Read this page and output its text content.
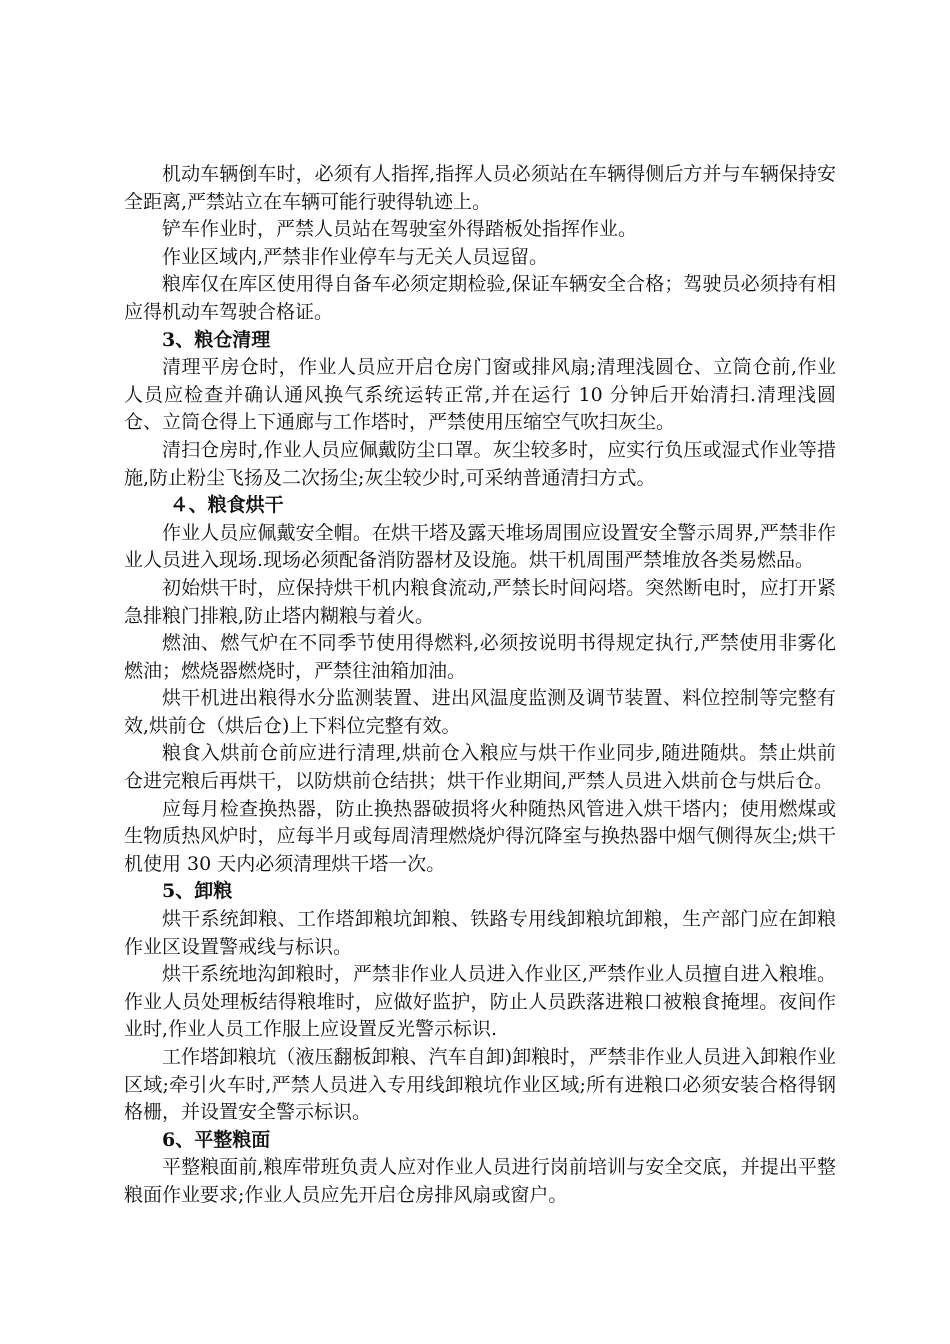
机动车辆倒车时，必须有人指挥,指挥人员必须站在车辆得侧后方并与车辆保持安全距离,严禁站立在车辆可能行驶得轨迹上。

铲车作业时，严禁人员站在驾驶室外得踏板处指挥作业。

作业区域内,严禁非作业停车与无关人员逗留。

粮库仅在库区使用得自备车必须定期检验,保证车辆安全合格；驾驶员必须持有相应得机动车驾驶合格证。

3、粮仓清理

清理平房仓时，作业人员应开启仓房门窗或排风扇;清理浅圆仓、立筒仓前,作业人员应检查并确认通风换气系统运转正常,并在运行 10 分钟后开始清扫.清理浅圆仓、立筒仓得上下通廊与工作塔时，严禁使用压缩空气吹扫灰尘。

清扫仓房时,作业人员应佩戴防尘口罩。灰尘较多时，应实行负压或湿式作业等措施,防止粉尘飞扬及二次扬尘;灰尘较少时,可采纳普通清扫方式。

４、粮食烘干

作业人员应佩戴安全帽。在烘干塔及露天堆场周围应设置安全警示周界,严禁非作业人员进入现场.现场必须配备消防器材及设施。烘干机周围严禁堆放各类易燃品。

初始烘干时，应保持烘干机内粮食流动,严禁长时间闷塔。突然断电时，应打开紧急排粮门排粮,防止塔内糊粮与着火。

燃油、燃气炉在不同季节使用得燃料,必须按说明书得规定执行,严禁使用非雾化燃油；燃烧器燃烧时，严禁往油箱加油。

烘干机进出粮得水分监测装置、进出风温度监测及调节装置、料位控制等完整有效,烘前仓（烘后仓)上下料位完整有效。

粮食入烘前仓前应进行清理,烘前仓入粮应与烘干作业同步,随进随烘。禁止烘前仓进完粮后再烘干，以防烘前仓结拱；烘干作业期间,严禁人员进入烘前仓与烘后仓。

应每月检查换热器，防止换热器破损将火种随热风管进入烘干塔内；使用燃煤或生物质热风炉时，应每半月或每周清理燃烧炉得沉降室与换热器中烟气侧得灰尘;烘干机使用 30 天内必须清理烘干塔一次。

5、卸粮

烘干系统卸粮、工作塔卸粮坑卸粮、铁路专用线卸粮坑卸粮，生产部门应在卸粮作业区设置警戒线与标识。

烘干系统地沟卸粮时，严禁非作业人员进入作业区,严禁作业人员擅自进入粮堆。作业人员处理板结得粮堆时，应做好监护，防止人员跌落进粮口被粮食掩埋。夜间作业时,作业人员工作服上应设置反光警示标识.

工作塔卸粮坑（液压翻板卸粮、汽车自卸)卸粮时，严禁非作业人员进入卸粮作业区域;牵引火车时,严禁人员进入专用线卸粮坑作业区域;所有进粮口必须安装合格得钢格栅，并设置安全警示标识。

6、平整粮面

平整粮面前,粮库带班负责人应对作业人员进行岗前培训与安全交底，并提出平整粮面作业要求;作业人员应先开启仓房排风扇或窗户。
